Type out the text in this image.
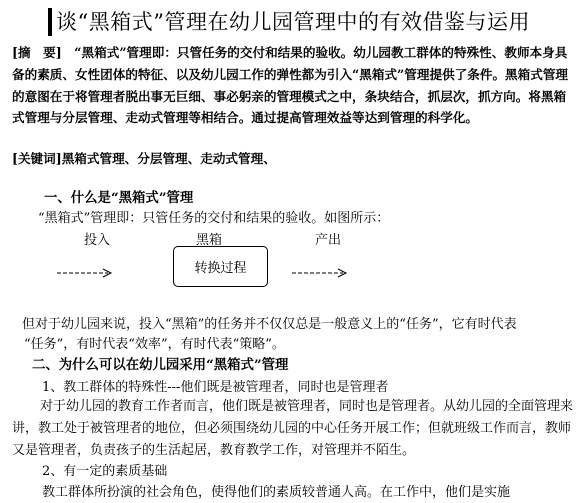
谈“黑箱式”管理在幼儿园管理中的有效借鉴与运用

[摘　要]　“黑箱式”管理即：只管任务的交付和结果的验收。幼儿园教工群体的特殊性、教师本身具备的素质、女性团体的特征、以及幼儿园工作的弹性都为引入“黑箱式”管理提供了条件。黑箱式管理的意图在于将管理者脱出事无巨细、事必躬亲的管理模式之中，条块结合，抓层次，抓方向。将黑箱式管理与分层管理、走动式管理等相结合。通过提高管理效益等达到管理的科学化。

[关键词]黑箱式管理、分层管理、走动式管理、
一、什么是“黑箱式”管理
“黑箱式”管理即：只管任务的交付和结果的验收。如图所示：
投入	黑箱	产出
转换过程
但对于幼儿园来说，投入“黑箱”的任务并不仅仅总是一般意义上的“任务”，它有时代表
“任务”，有时代表“效率”，有时代表“策略”。
二、为什么可以在幼儿园采用“黑箱式”管理
1、教工群体的特殊性---他们既是被管理者，同时也是管理者

对于幼儿园的教育工作者而言，他们既是被管理者，同时也是管理者。从幼儿园的全面管理来讲，教工处于被管理者的地位，但必须围绕幼儿园的中心任务开展工作；但就班级工作而言，教师又是管理者，负责孩子的生活起居，教育教学工作，对管理并不陌生。

2、有一定的素质基础
教工群体所扮演的社会角色，使得他们的素质较普通人高。在工作中，他们是实施
